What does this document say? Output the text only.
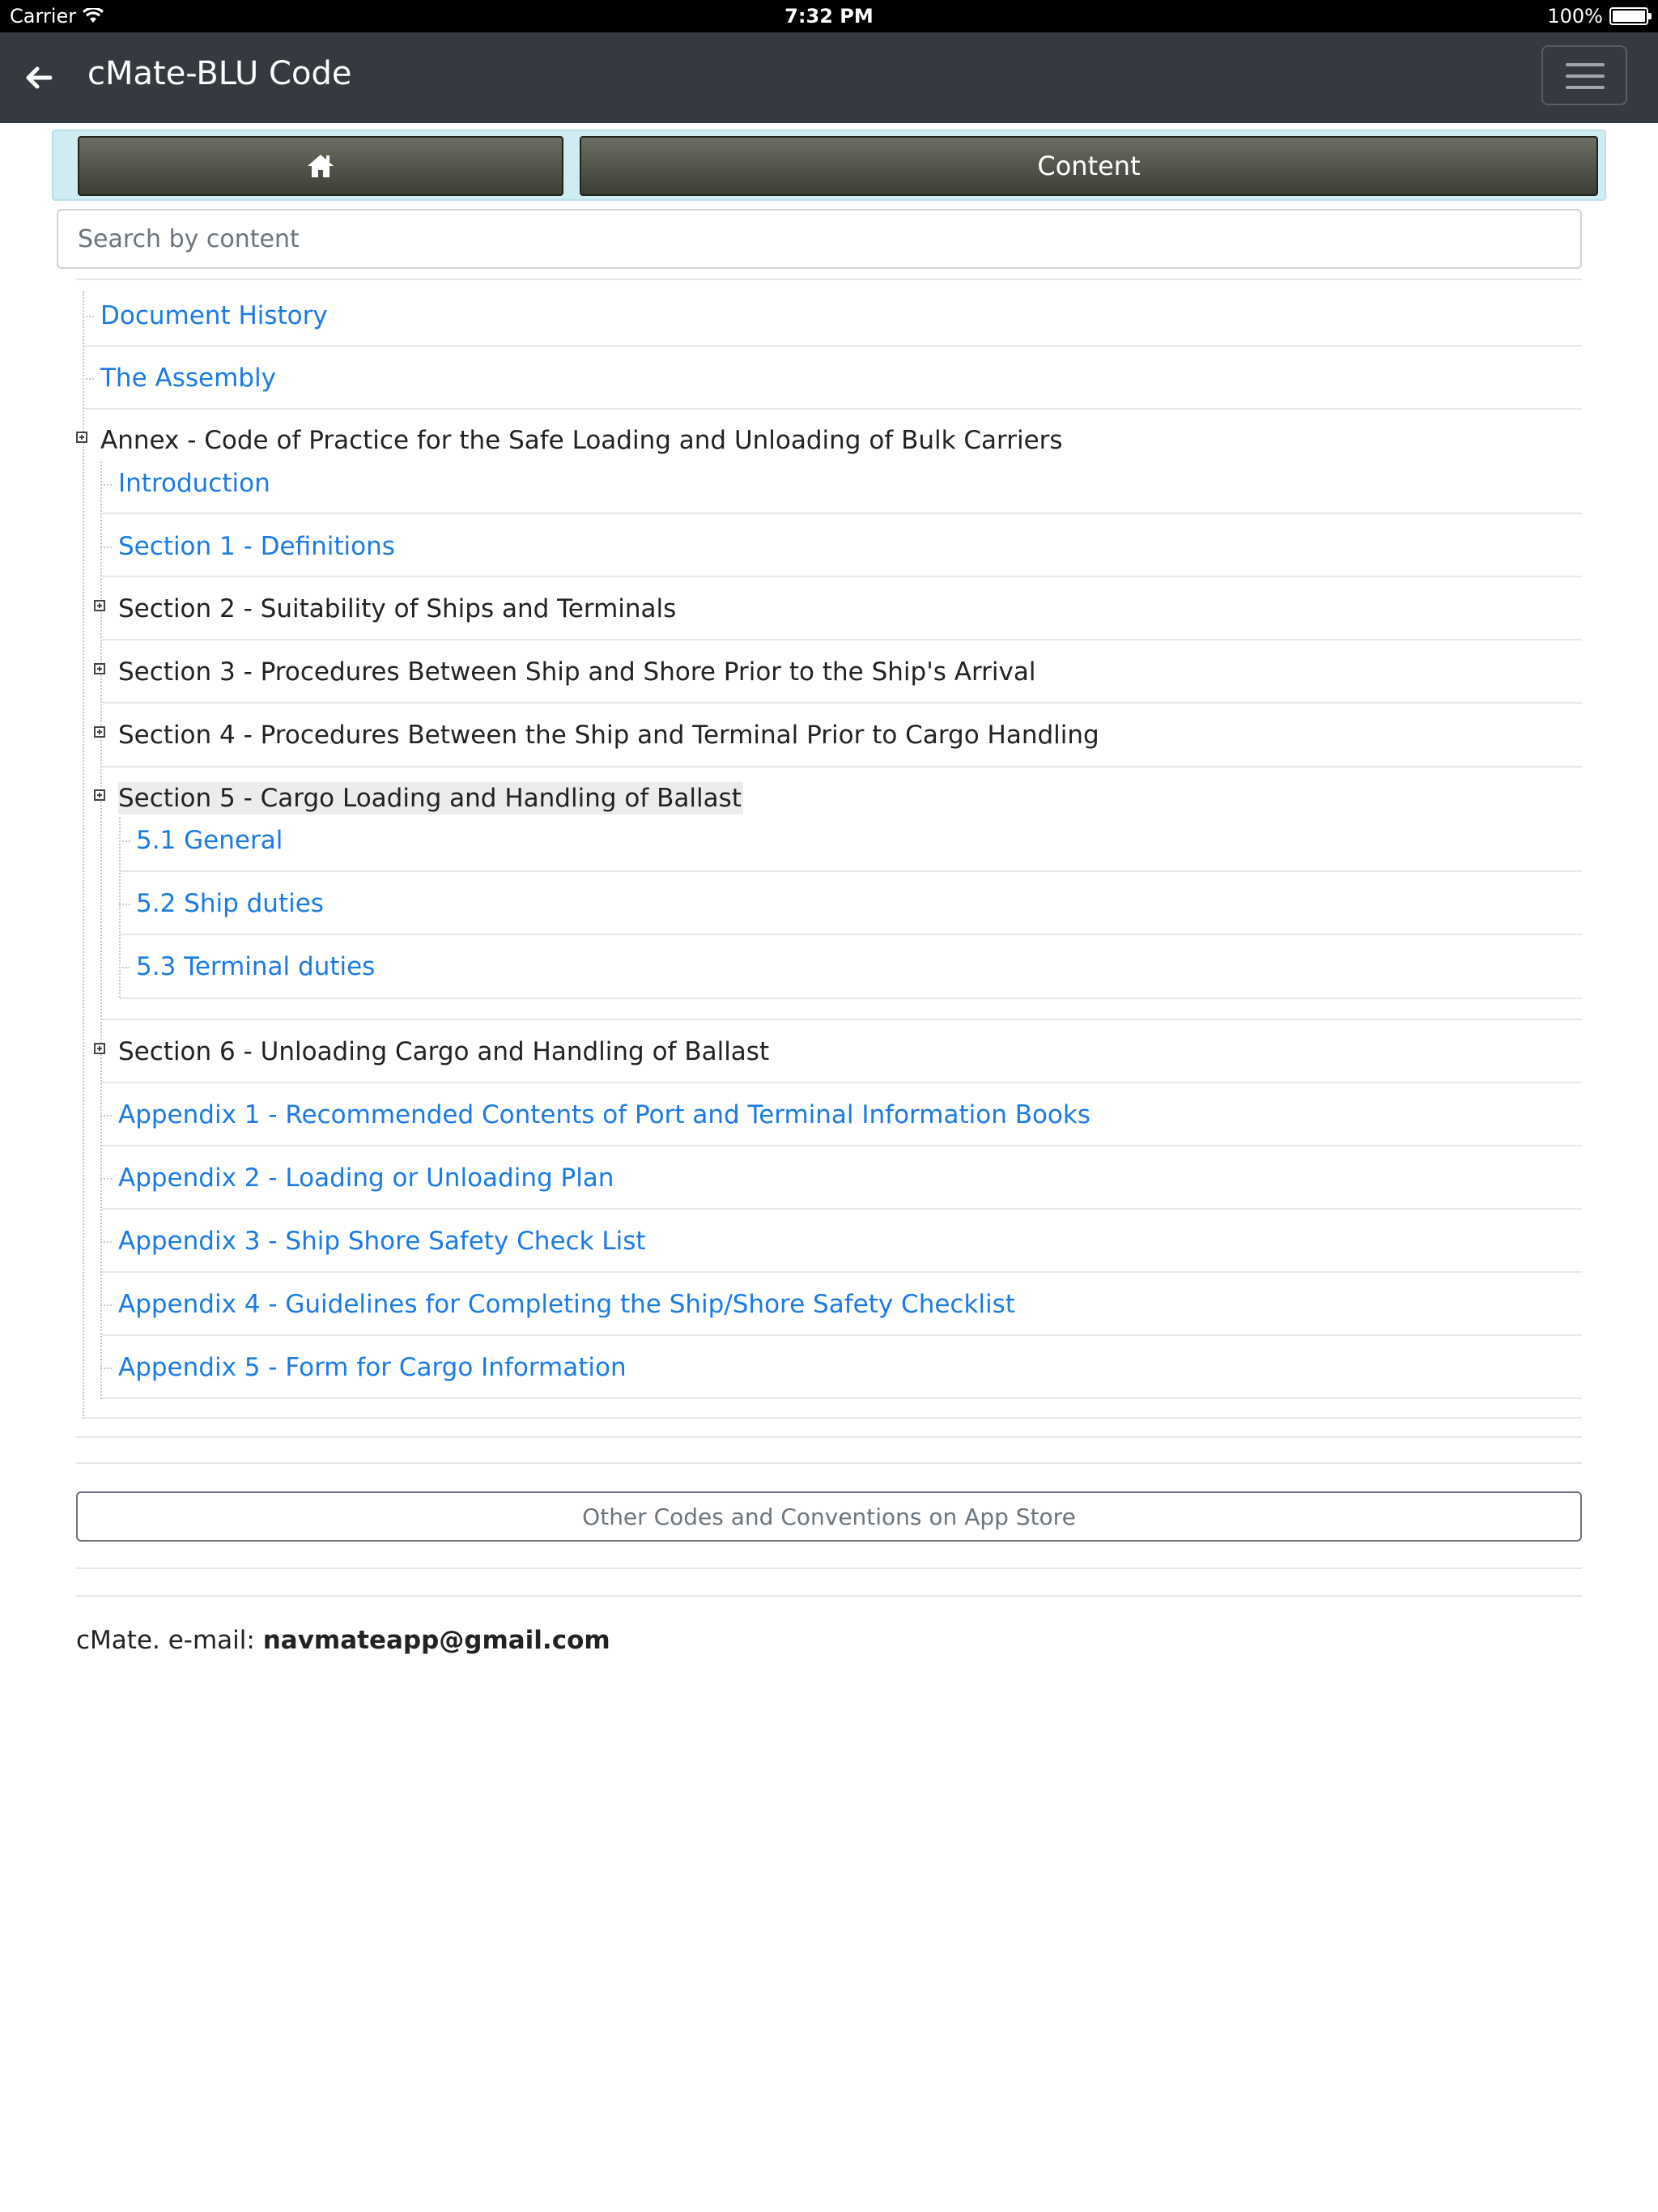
Carrier	7:32 PM	100%
cMate-BLU Code
Content
Search by content
Document History
The Assembly
Annex - Code of Practice for the Safe Loading and Unloading of Bulk Carriers
Introduction
Section 1 - Definitions
Section 2 - Suitability of Ships and Terminals
Section 3 - Procedures Between Ship and Shore Prior to the Ship's Arrival
Section 4 - Procedures Between the Ship and Terminal Prior to Cargo Handling
Section 5 - Cargo Loading and Handling of Ballast
5.1 General
5.2 Ship duties
5.3 Terminal duties
Section 6 - Unloading Cargo and Handling of Ballast
Appendix 1 - Recommended Contents of Port and Terminal Information Books
Appendix 2 - Loading or Unloading Plan
Appendix 3 - Ship Shore Safety Check List
Appendix 4 - Guidelines for Completing the Ship/Shore Safety Checklist
Appendix 5 - Form for Cargo Information
Other Codes and Conventions on App Store
cMate. e-mail: navmateapp@gmail.com
